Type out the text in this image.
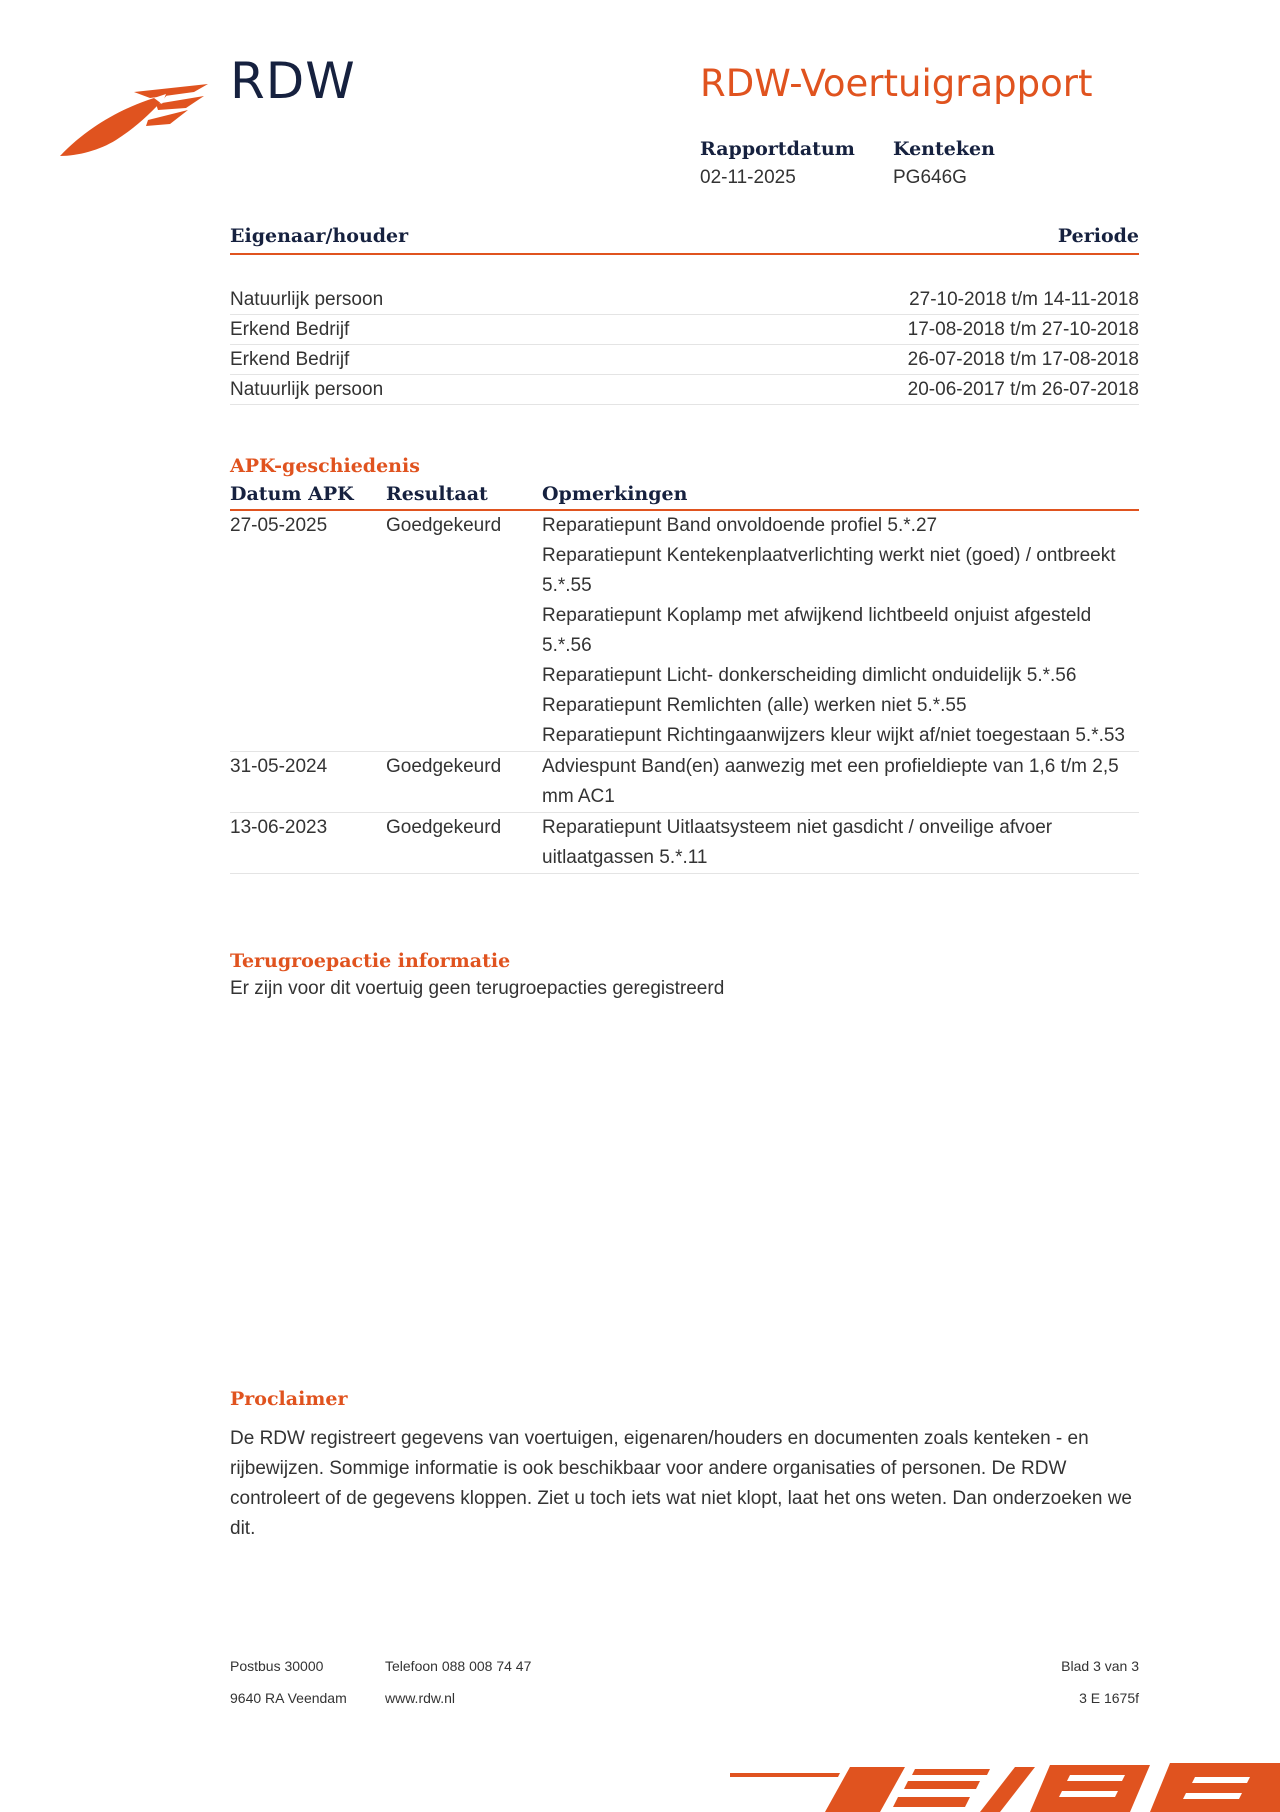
RDW	RDW-Voertuigrapport
Rapportdatum
02-11-2025
Kenteken
PG646G
Eigenaar/houder	Periode
Natuurlijk persoon	27-10-2018 t/m 14-11-2018
Erkend Bedrijf	17-08-2018 t/m 27-10-2018
Erkend Bedrijf	26-07-2018 t/m 17-08-2018
Natuurlijk persoon	20-06-2017 t/m 26-07-2018
APK-geschiedenis
Datum APK	Resultaat	Opmerkingen
27-05-2025	Goedgekeurd	Reparatiepunt Band onvoldoende profiel 5.*.27
Reparatiepunt Kentekenplaatverlichting werkt niet (goed) / ontbreekt 5.*.55
Reparatiepunt Koplamp met afwijkend lichtbeeld onjuist afgesteld 5.*.56
Reparatiepunt Licht- donkerscheiding dimlicht onduidelijk 5.*.56
Reparatiepunt Remlichten (alle) werken niet 5.*.55
Reparatiepunt Richtingaanwijzers kleur wijkt af/niet toegestaan 5.*.53
31-05-2024	Goedgekeurd	Adviespunt Band(en) aanwezig met een profieldiepte van 1,6 t/m 2,5 mm AC1
13-06-2023	Goedgekeurd	Reparatiepunt Uitlaatsysteem niet gasdicht / onveilige afvoer uitlaatgassen 5.*.11
Terugroepactie informatie
Er zijn voor dit voertuig geen terugroepacties geregistreerd
Proclaimer
De RDW registreert gegevens van voertuigen, eigenaren/houders en documenten zoals kenteken - en rijbewijzen. Sommige informatie is ook beschikbaar voor andere organisaties of personen. De RDW controleert of de gegevens kloppen. Ziet u toch iets wat niet klopt, laat het ons weten. Dan onderzoeken we dit.
Postbus 30000
9640 RA Veendam
Telefoon 088 008 74 47
www.rdw.nl
Blad 3 van 3
3 E 1675f
